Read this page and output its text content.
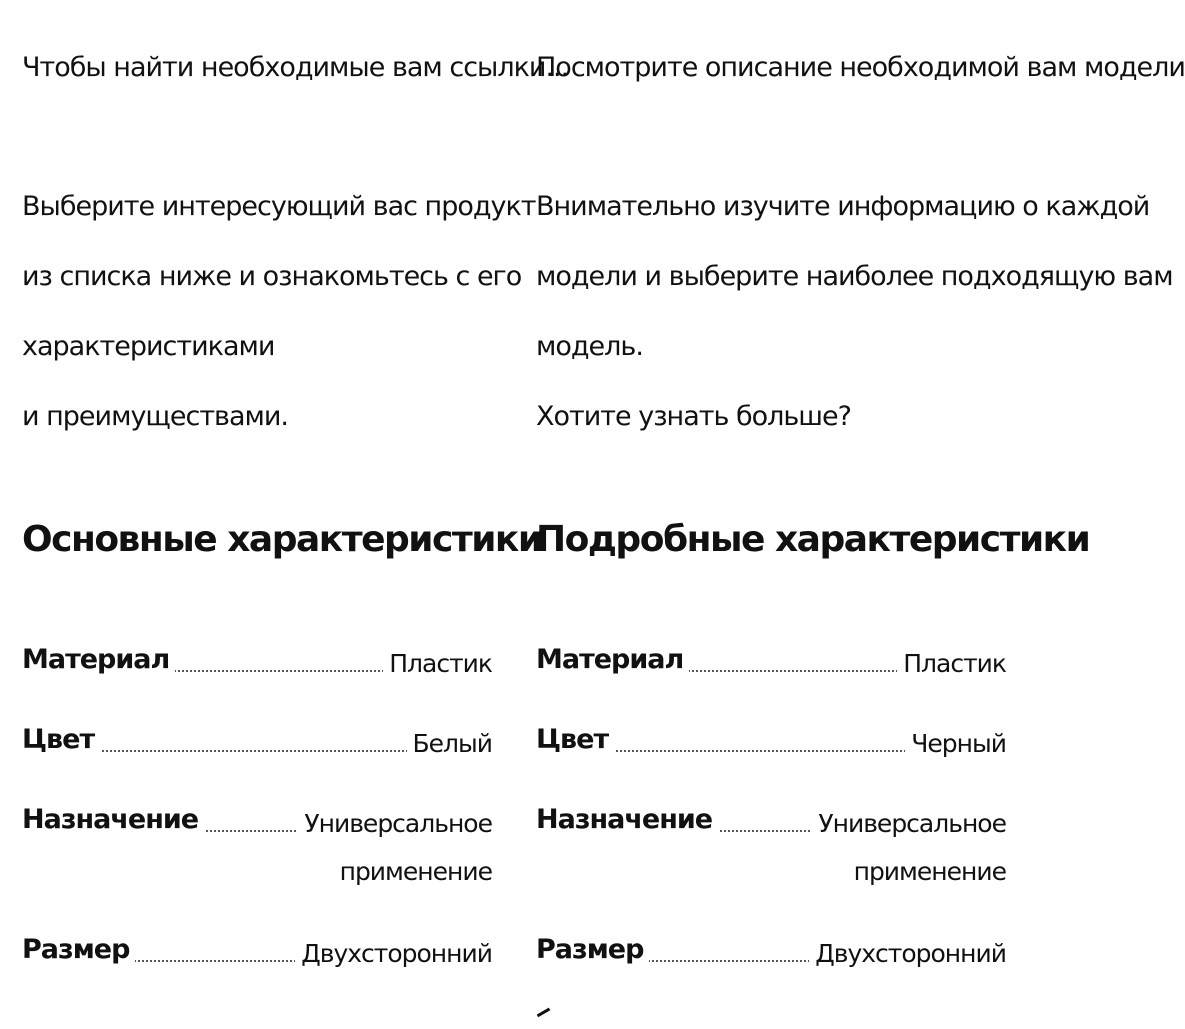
Чтобы найти необходимые вам ссылки...
Выберите интересующий вас продукт
из списка ниже и ознакомьтесь с его
характеристиками
и преимуществами.
Основные характеристики
Материал	Пластик
Цвет	Белый
Назначение	Универсальное
применение
Размер	Двухсторонний
Посмотрите описание необходимой вам модели
Внимательно изучите информацию о каждой
модели и выберите наиболее подходящую вам
модель.
Хотите узнать больше?
Подробные характеристики
Материал	Пластик
Цвет	Черный
Назначение	Универсальное
применение
Размер	Двухсторонний
